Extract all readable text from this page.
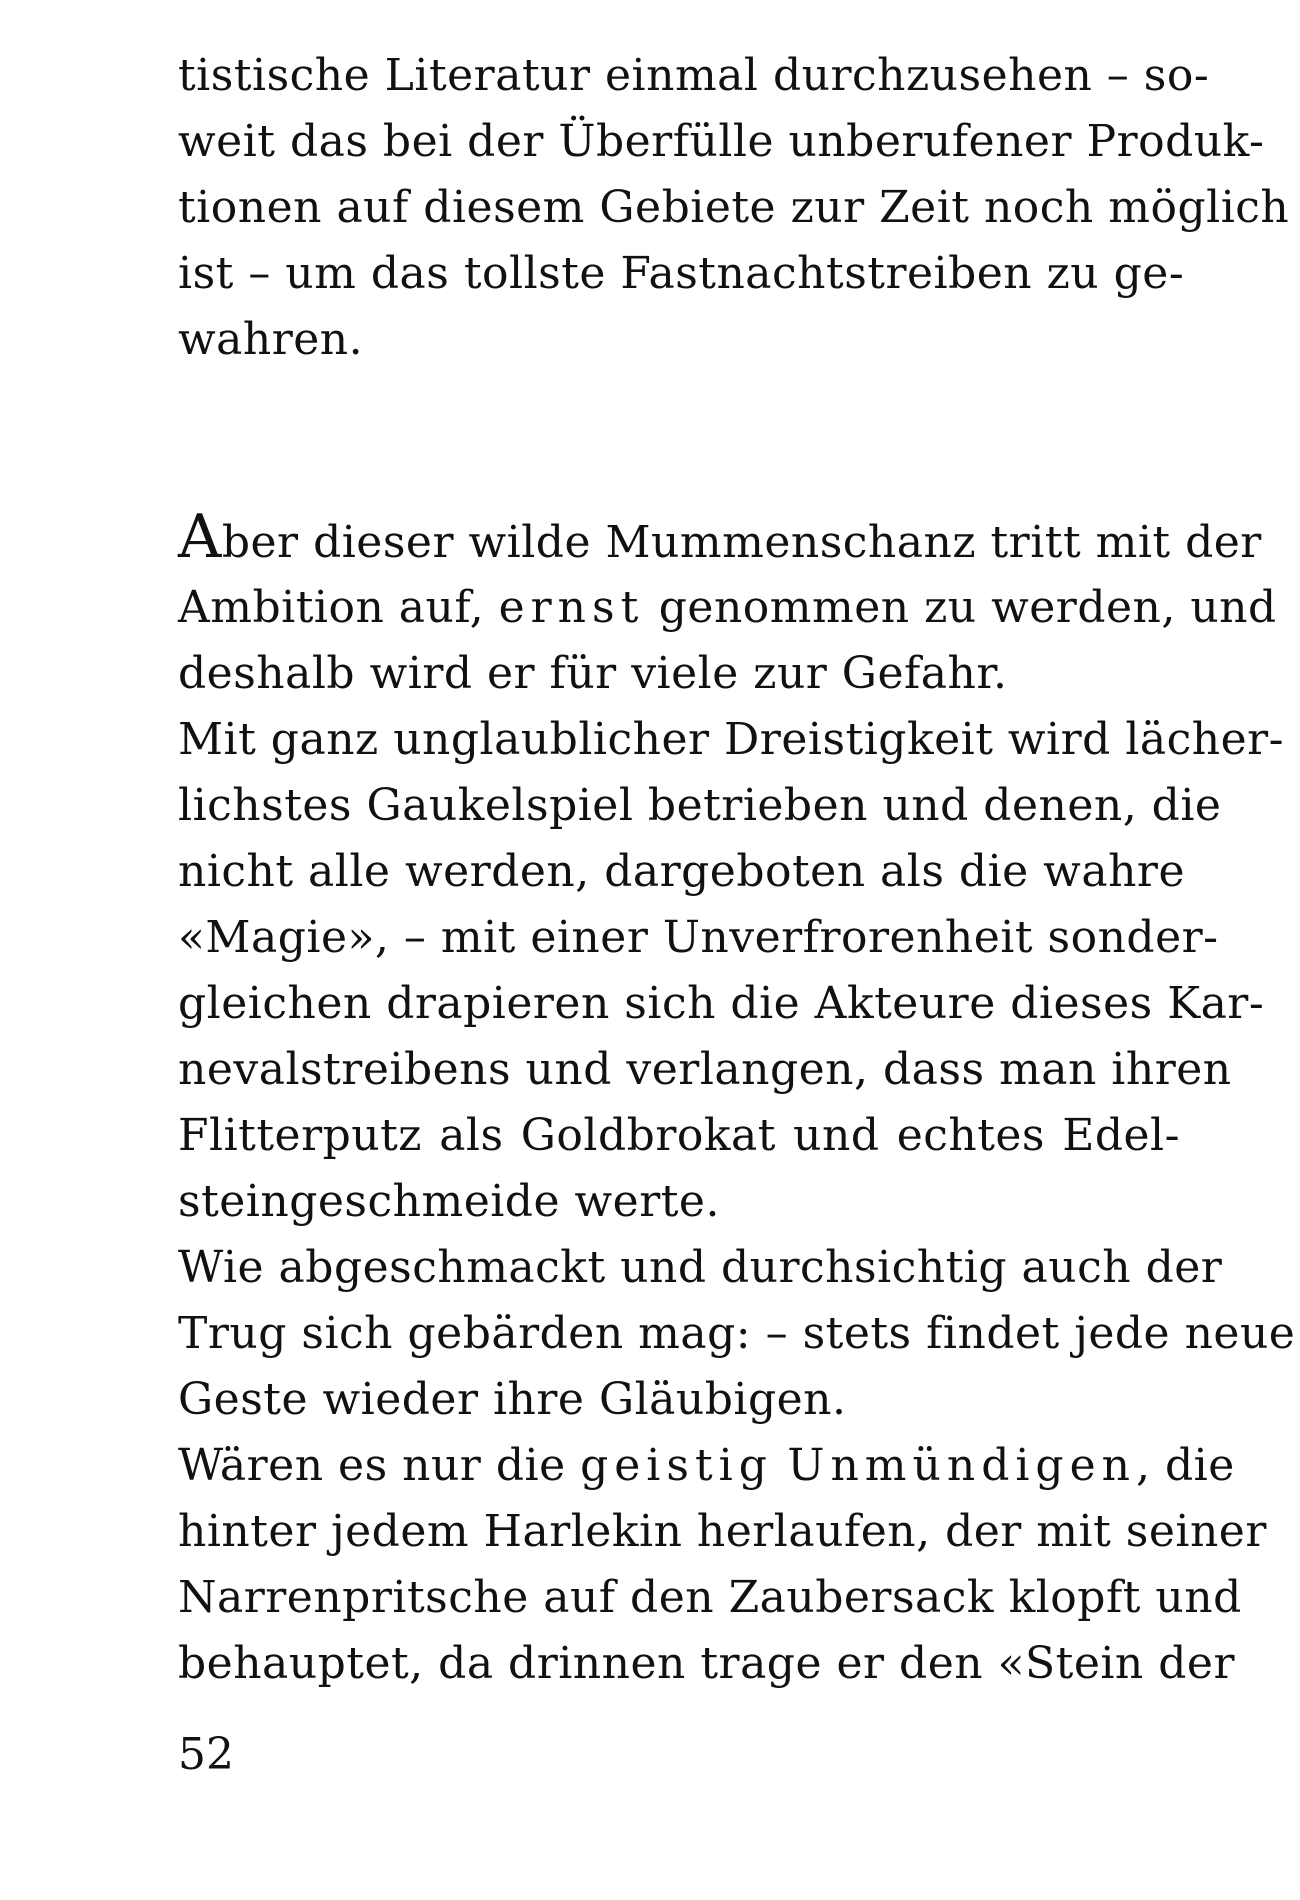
tistische Literatur einmal durchzusehen – so-
weit das bei der Überfülle unberufener Produk-
tionen auf diesem Gebiete zur Zeit noch möglich
ist – um das tollste Fastnachtstreiben zu ge-
wahren.
Aber dieser wilde Mummenschanz tritt mit der
Ambition auf, ernst genommen zu werden, und
deshalb wird er für viele zur Gefahr.
Mit ganz unglaublicher Dreistigkeit wird lächer-
lichstes Gaukelspiel betrieben und denen, die
nicht alle werden, dargeboten als die wahre
«Magie», – mit einer Unverfrorenheit sonder-
gleichen drapieren sich die Akteure dieses Kar-
nevalstreibens und verlangen, dass man ihren
Flitterputz als Goldbrokat und echtes Edel-
steingeschmeide werte.
Wie abgeschmackt und durchsichtig auch der
Trug sich gebärden mag: – stets findet jede neue
Geste wieder ihre Gläubigen.
Wären es nur die geistig Unmündigen, die
hinter jedem Harlekin herlaufen, der mit seiner
Narrenpritsche auf den Zaubersack klopft und
behauptet, da drinnen trage er den «Stein der
52
